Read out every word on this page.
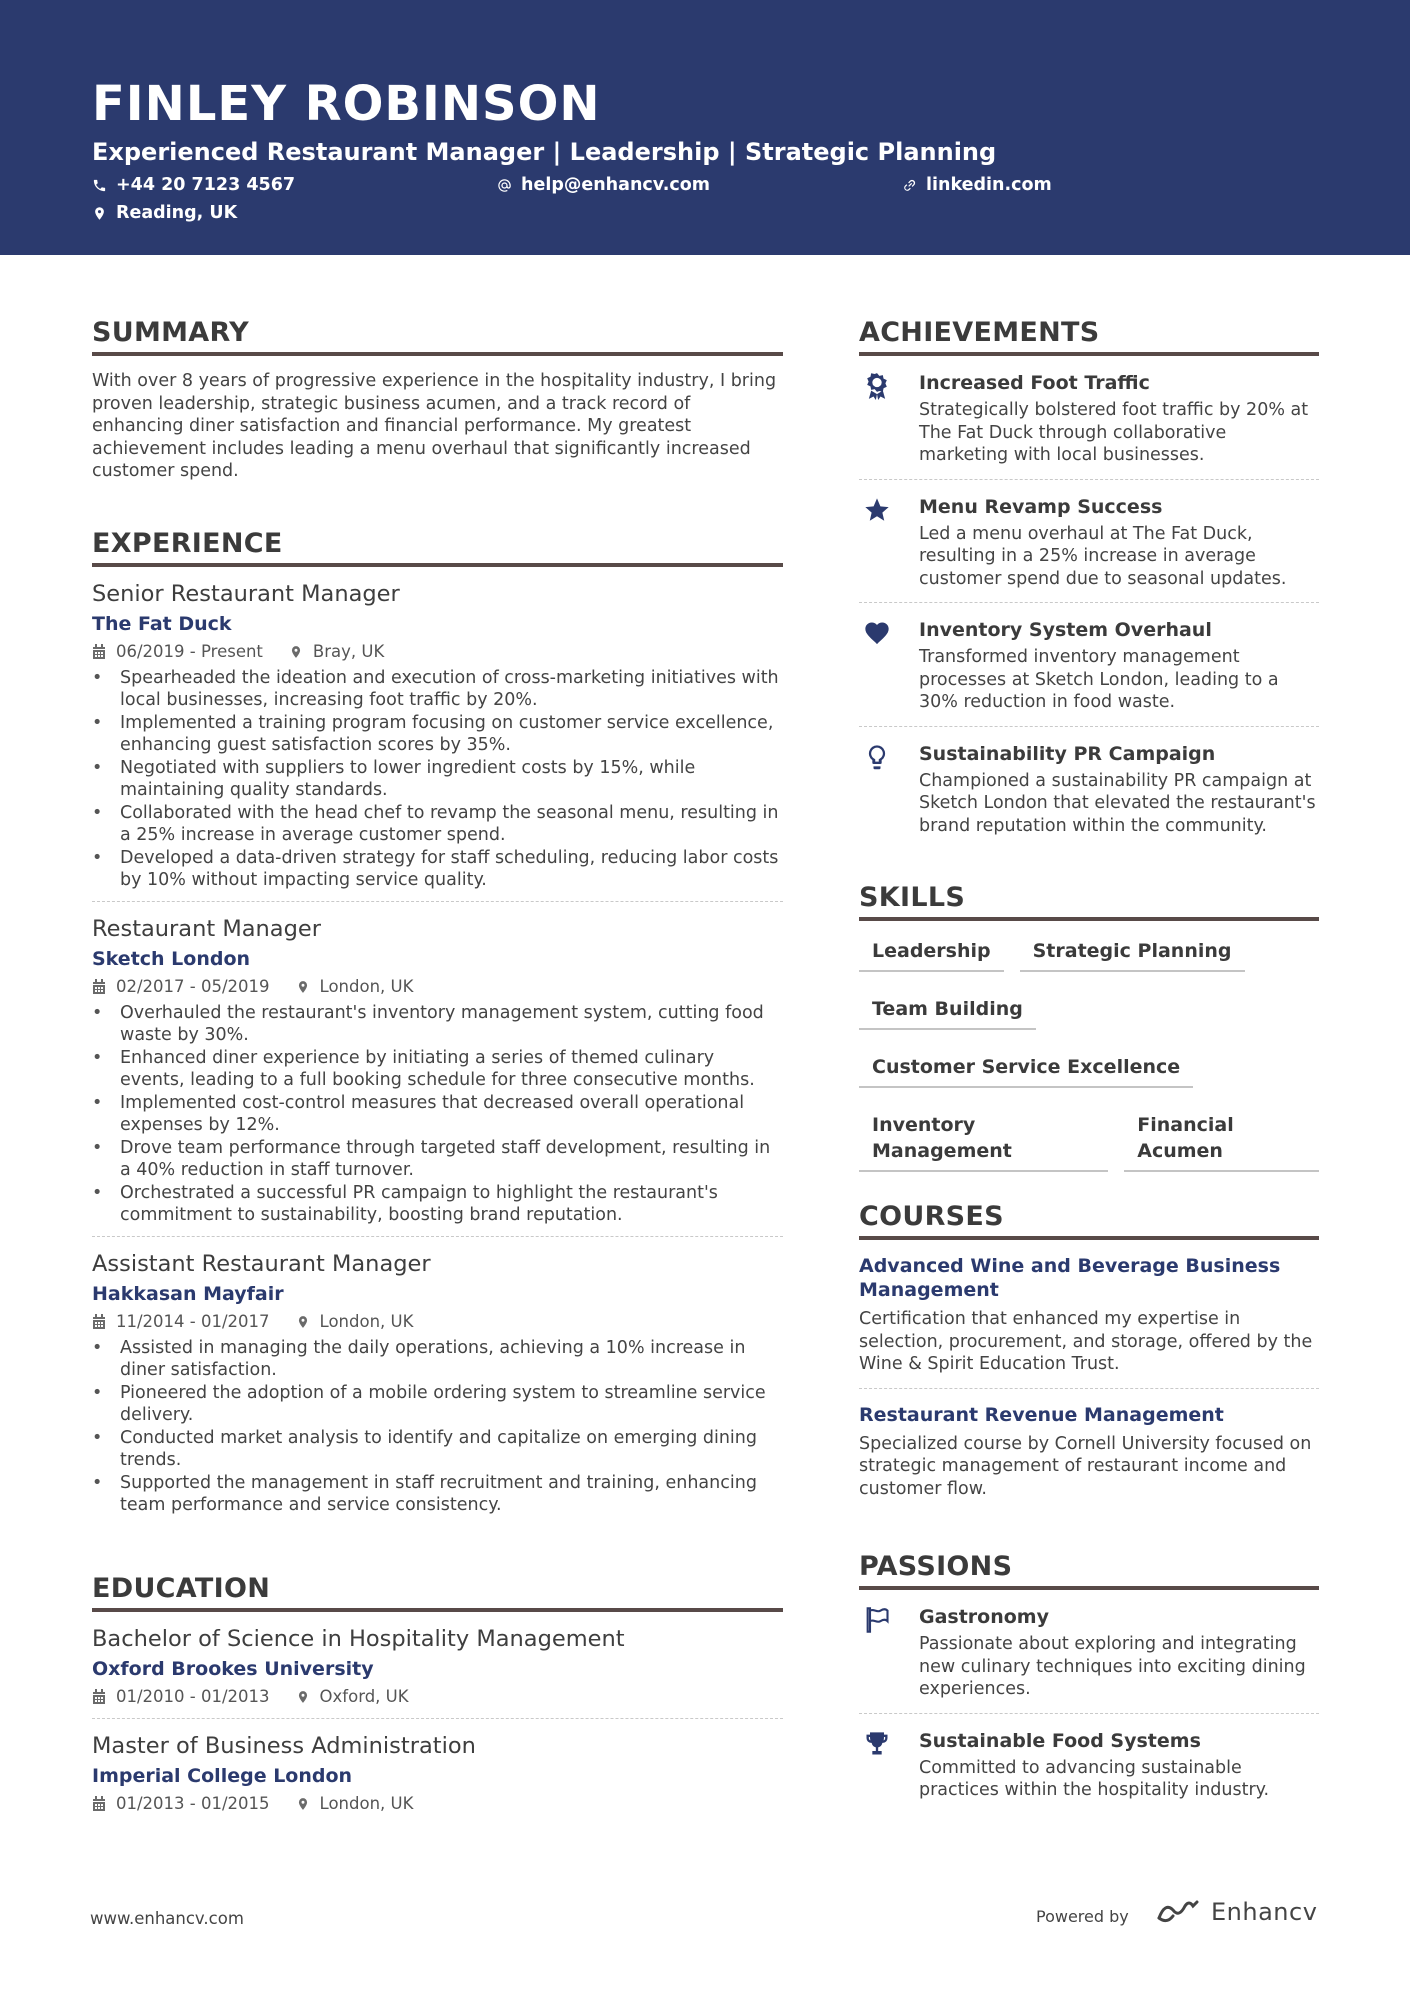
FINLEY ROBINSON
Experienced Restaurant Manager | Leadership | Strategic Planning
+44 20 7123 4567	help@enhancv.com	linkedin.com
Reading, UK
SUMMARY

With over 8 years of progressive experience in the hospitality industry, I bring proven leadership, strategic business acumen, and a track record of enhancing diner satisfaction and financial performance. My greatest achievement includes leading a menu overhaul that significantly increased customer spend.

EXPERIENCE
Senior Restaurant Manager
The Fat Duck
06/2019 - Present	Bray, UK
• Spearheaded the ideation and execution of cross-marketing initiatives with local businesses, increasing foot traffic by 20%.
• Implemented a training program focusing on customer service excellence, enhancing guest satisfaction scores by 35%.
• Negotiated with suppliers to lower ingredient costs by 15%, while maintaining quality standards.
• Collaborated with the head chef to revamp the seasonal menu, resulting in a 25% increase in average customer spend.
• Developed a data-driven strategy for staff scheduling, reducing labor costs by 10% without impacting service quality.
Restaurant Manager
Sketch London
02/2017 - 05/2019	London, UK
• Overhauled the restaurant's inventory management system, cutting food waste by 30%.
• Enhanced diner experience by initiating a series of themed culinary events, leading to a full booking schedule for three consecutive months.
• Implemented cost-control measures that decreased overall operational expenses by 12%.
• Drove team performance through targeted staff development, resulting in a 40% reduction in staff turnover.
• Orchestrated a successful PR campaign to highlight the restaurant's commitment to sustainability, boosting brand reputation.
Assistant Restaurant Manager
Hakkasan Mayfair
11/2014 - 01/2017	London, UK
• Assisted in managing the daily operations, achieving a 10% increase in diner satisfaction.
• Pioneered the adoption of a mobile ordering system to streamline service delivery.
• Conducted market analysis to identify and capitalize on emerging dining trends.
• Supported the management in staff recruitment and training, enhancing team performance and service consistency.
EDUCATION
Bachelor of Science in Hospitality Management
Oxford Brookes University
01/2010 - 01/2013	Oxford, UK
Master of Business Administration
Imperial College London
01/2013 - 01/2015	London, UK
ACHIEVEMENTS
Increased Foot Traffic
Strategically bolstered foot traffic by 20% at The Fat Duck through collaborative marketing with local businesses.
Menu Revamp Success
Led a menu overhaul at The Fat Duck, resulting in a 25% increase in average customer spend due to seasonal updates.
Inventory System Overhaul
Transformed inventory management processes at Sketch London, leading to a 30% reduction in food waste.
Sustainability PR Campaign
Championed a sustainability PR campaign at Sketch London that elevated the restaurant's brand reputation within the community.
SKILLS
Leadership	Strategic Planning
Team Building
Customer Service Excellence
Inventory Management
Financial Acumen
COURSES
Advanced Wine and Beverage Business Management
Certification that enhanced my expertise in selection, procurement, and storage, offered by the Wine & Spirit Education Trust.
Restaurant Revenue Management
Specialized course by Cornell University focused on strategic management of restaurant income and customer flow.
PASSIONS
Gastronomy
Passionate about exploring and integrating new culinary techniques into exciting dining experiences.
Sustainable Food Systems
Committed to advancing sustainable practices within the hospitality industry.
www.enhancv.com	Powered by	Enhancv
